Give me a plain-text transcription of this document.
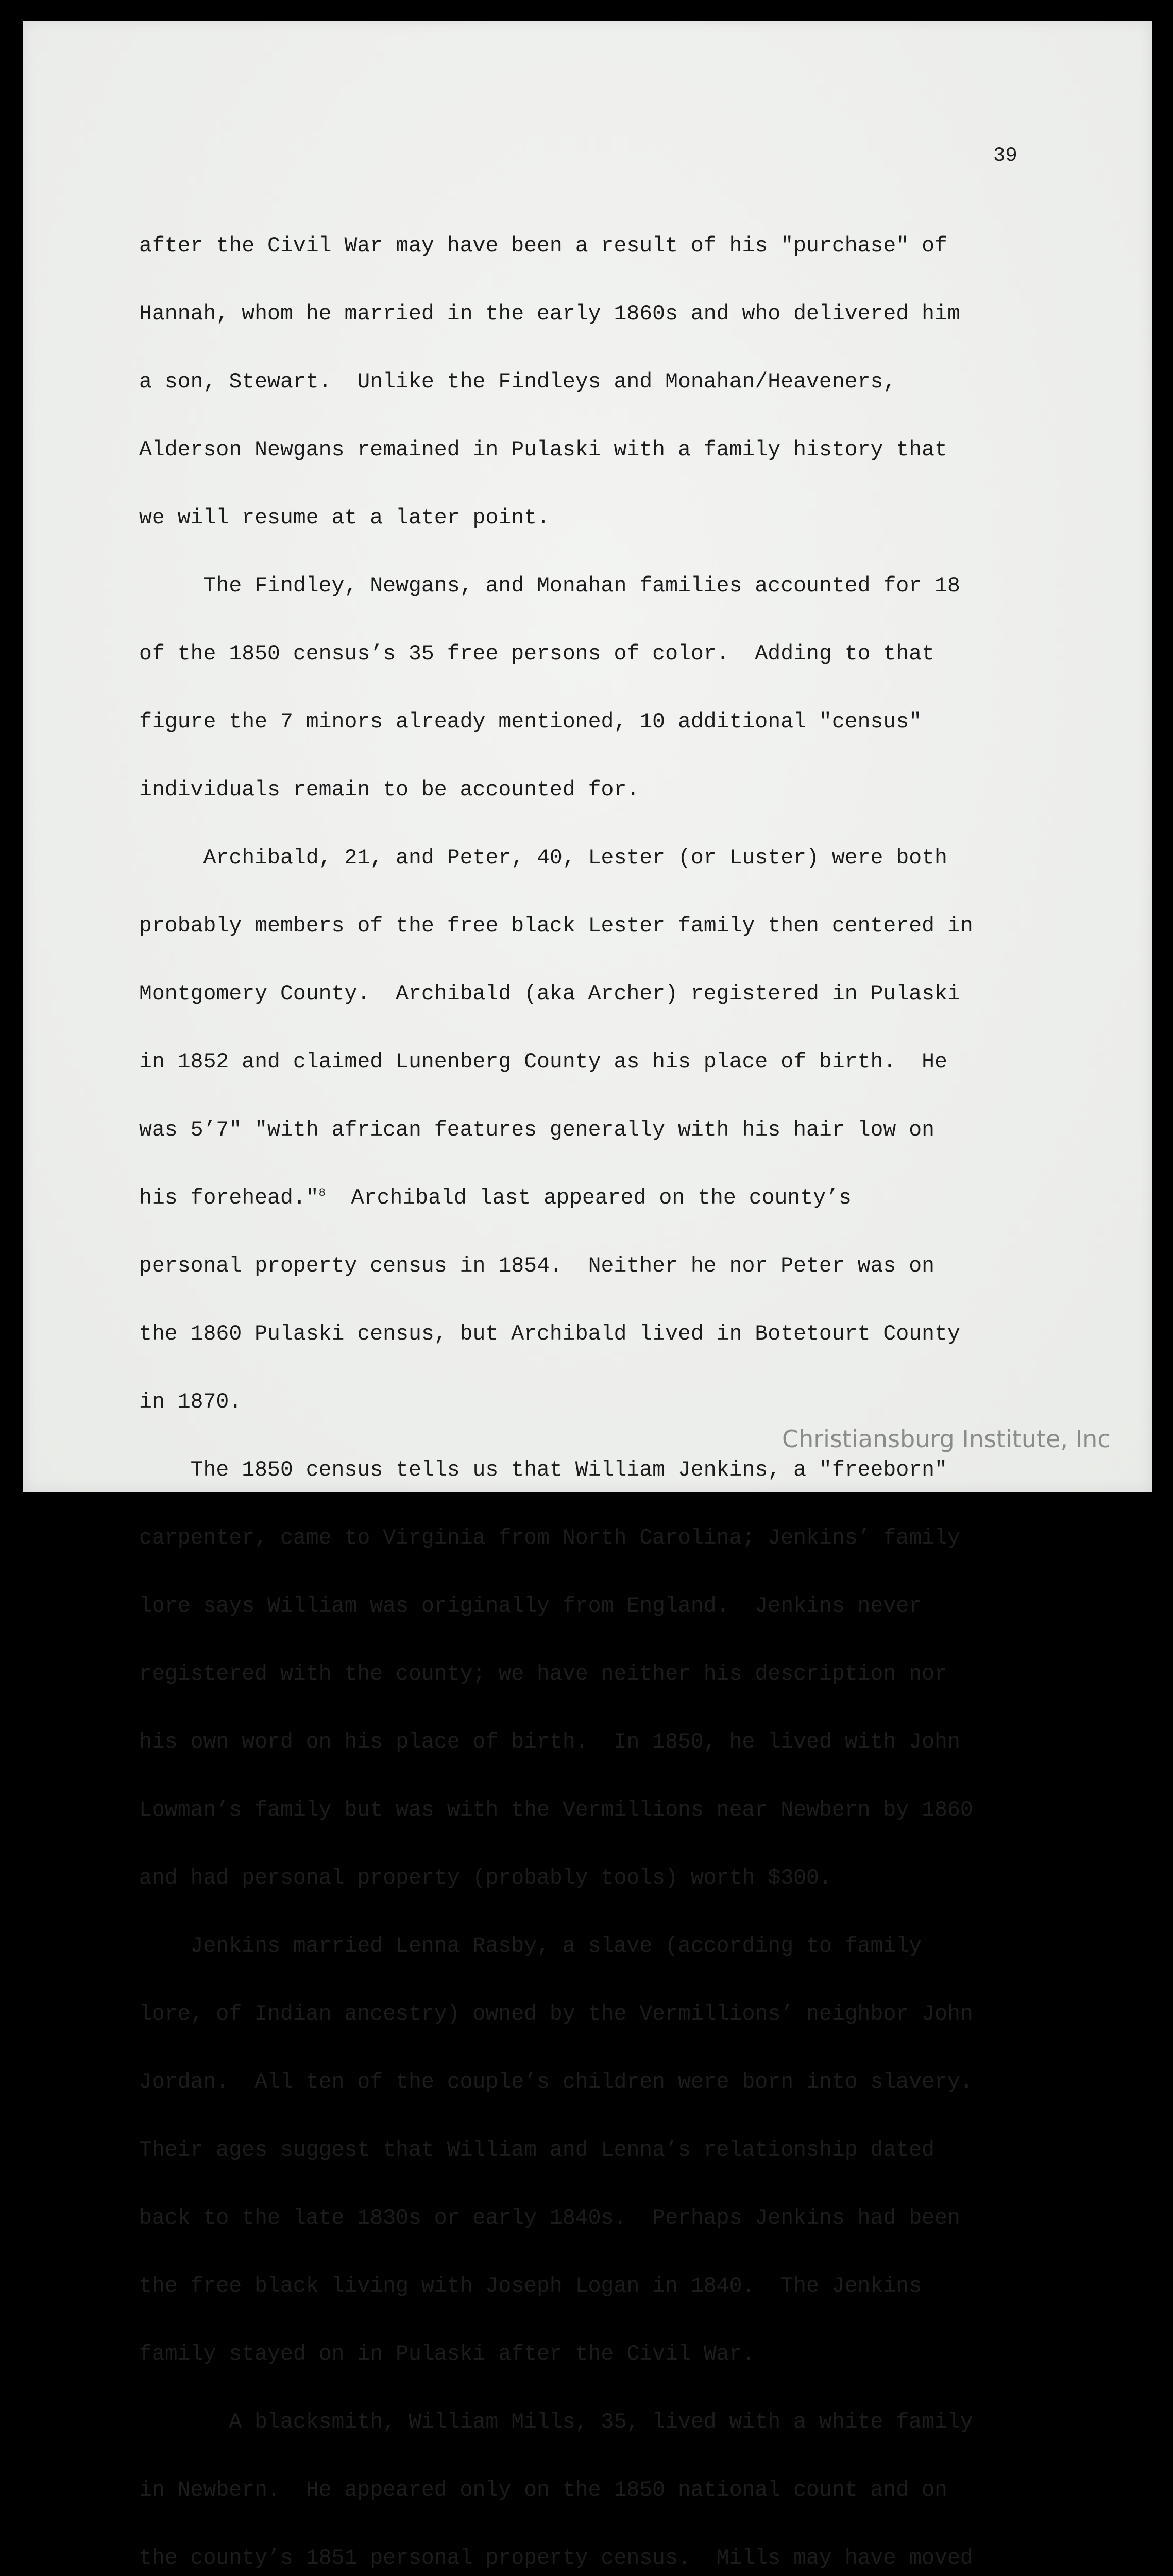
39

after the Civil War may have been a result of his "purchase" of

Hannah, whom he married in the early 1860s and who delivered him

a son, Stewart.  Unlike the Findleys and Monahan/Heaveners,

Alderson Newgans remained in Pulaski with a family history that

we will resume at a later point.

The Findley, Newgans, and Monahan families accounted for 18

of the 1850 census’s 35 free persons of color.  Adding to that

figure the 7 minors already mentioned, 10 additional "census"

individuals remain to be accounted for.

Archibald, 21, and Peter, 40, Lester (or Luster) were both

probably members of the free black Lester family then centered in

Montgomery County.  Archibald (aka Archer) registered in Pulaski

in 1852 and claimed Lunenberg County as his place of birth.  He

was 5’7" "with african features generally with his hair low on

his forehead."$^8$  Archibald last appeared on the county’s

personal property census in 1854.  Neither he nor Peter was on

the 1860 Pulaski census, but Archibald lived in Botetourt County

in 1870.

The 1850 census tells us that William Jenkins, a "freeborn"

carpenter, came to Virginia from North Carolina; Jenkins’ family

lore says William was originally from England.  Jenkins never

registered with the county; we have neither his description nor

his own word on his place of birth.  In 1850, he lived with John

Lowman’s family but was with the Vermillions near Newbern by 1860

and had personal property (probably tools) worth $300.

Jenkins married Lenna Rasby, a slave (according to family

lore, of Indian ancestry) owned by the Vermillions’ neighbor John

Jordan.  All ten of the couple’s children were born into slavery.

Their ages suggest that William and Lenna’s relationship dated

back to the late 1830s or early 1840s.  Perhaps Jenkins had been

the free black living with Joseph Logan in 1840.  The Jenkins

family stayed on in Pulaski after the Civil War.

A blacksmith, William Mills, 35, lived with a white family

in Newbern.  He appeared only on the 1850 national count and on

the county’s 1851 personal property census.  Mills may have moved

Christiansburg Institute, Inc
